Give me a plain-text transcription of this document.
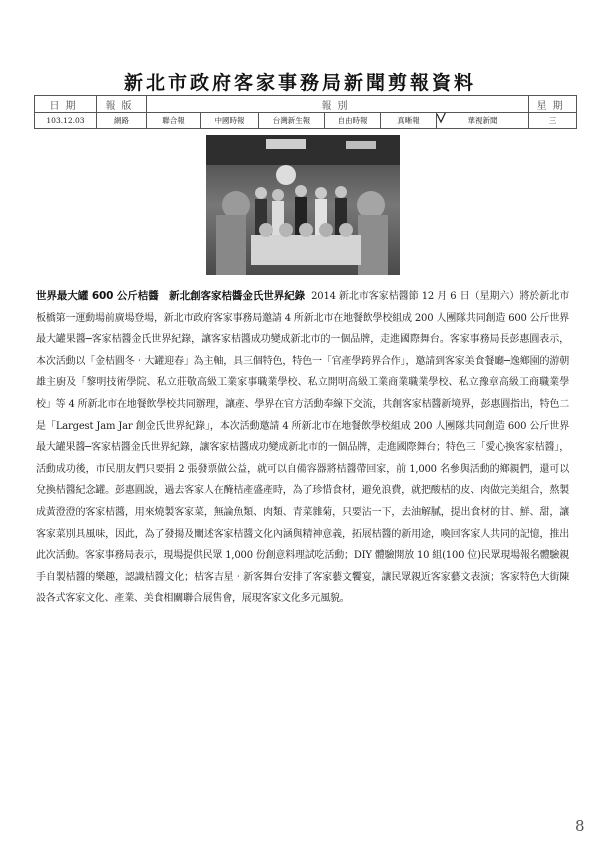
新北市政府客家事務局新聞剪報資料
日期	報版	報別						星期
103.12.03	網路	聯合報	中國時報	台灣新生報	自由時報	真晰報	華視新聞	三
世界最大罐 600 公斤桔醬　新北創客家桔醬金氏世界紀錄 2014 新北市客家桔醬節 12 月 6 日（星期六）將於新北市板橋第一運動場前廣場登場，新北市政府客家事務局邀請 4 所新北市在地餐飲學校組成 200 人團隊共同創造 600 公斤世界最大罐果醬─客家桔醬金氏世界紀錄，讓客家桔醬成功變成新北市的一個品牌，走進國際舞台。客家事務局長彭惠圓表示，本次活動以「金桔圓冬‧大罐迎春」為主軸，具三個特色，特色一「官產學跨界合作」，邀請到客家美食餐廳─逸鄉園的游朝雄主廚及「黎明技術學院、私立莊敬高級工業家事職業學校、私立開明高級工業商業職業學校、私立豫章高級工商職業學校」等 4 所新北市在地餐飲學校共同辦理，讓產、學界在官方活動奉線下交流，共創客家桔醬新境界，彭惠圓指出，特色二是「Largest Jam Jar 創金氏世界紀錄」，本次活動邀請 4 所新北市在地餐飲學校組成 200 人團隊共同創造 600 公斤世界最大罐果醬─客家桔醬金氏世界紀錄，讓客家桔醬成功變成新北市的一個品牌，走進國際舞台；特色三「愛心換客家桔醬」，活動成功後，市民朋友們只要捐 2 張發票做公益，就可以自備容器將桔醬帶回家，前 1,000 名參與活動的鄉親們，還可以兌換桔醬紀念罐。彭惠圓說，過去客家人在醃桔產盛產時，為了珍惜食材，避免浪費，就把酸桔的皮、肉做完美組合，熬製成黃澄澄的客家桔醬，用來燒製客家菜，無論魚類、肉類、青菜雜菊，只要沾一下，去油解膩，提出食材的甘、鮮、甜，讓客家菜別具風味，因此，為了發揚及闡述客家桔醬文化內涵與精神意義，拓展桔醬的新用途，喚回客家人共同的記憶，推出此次活動。客家事務局表示，現場提供民眾 1,000 份創意料理試吃活動；DIY 體驗開放 10 組(100 位)民眾現場報名體驗親手自製桔醬的樂趣，認識桔醬文化；桔客吉星‧新客舞台安排了客家藝文饗宴，讓民眾親近客家藝文表演；客家特色大街陳設各式客家文化、產業、美食相關聯合展售會，展現客家文化多元風貌。
8
